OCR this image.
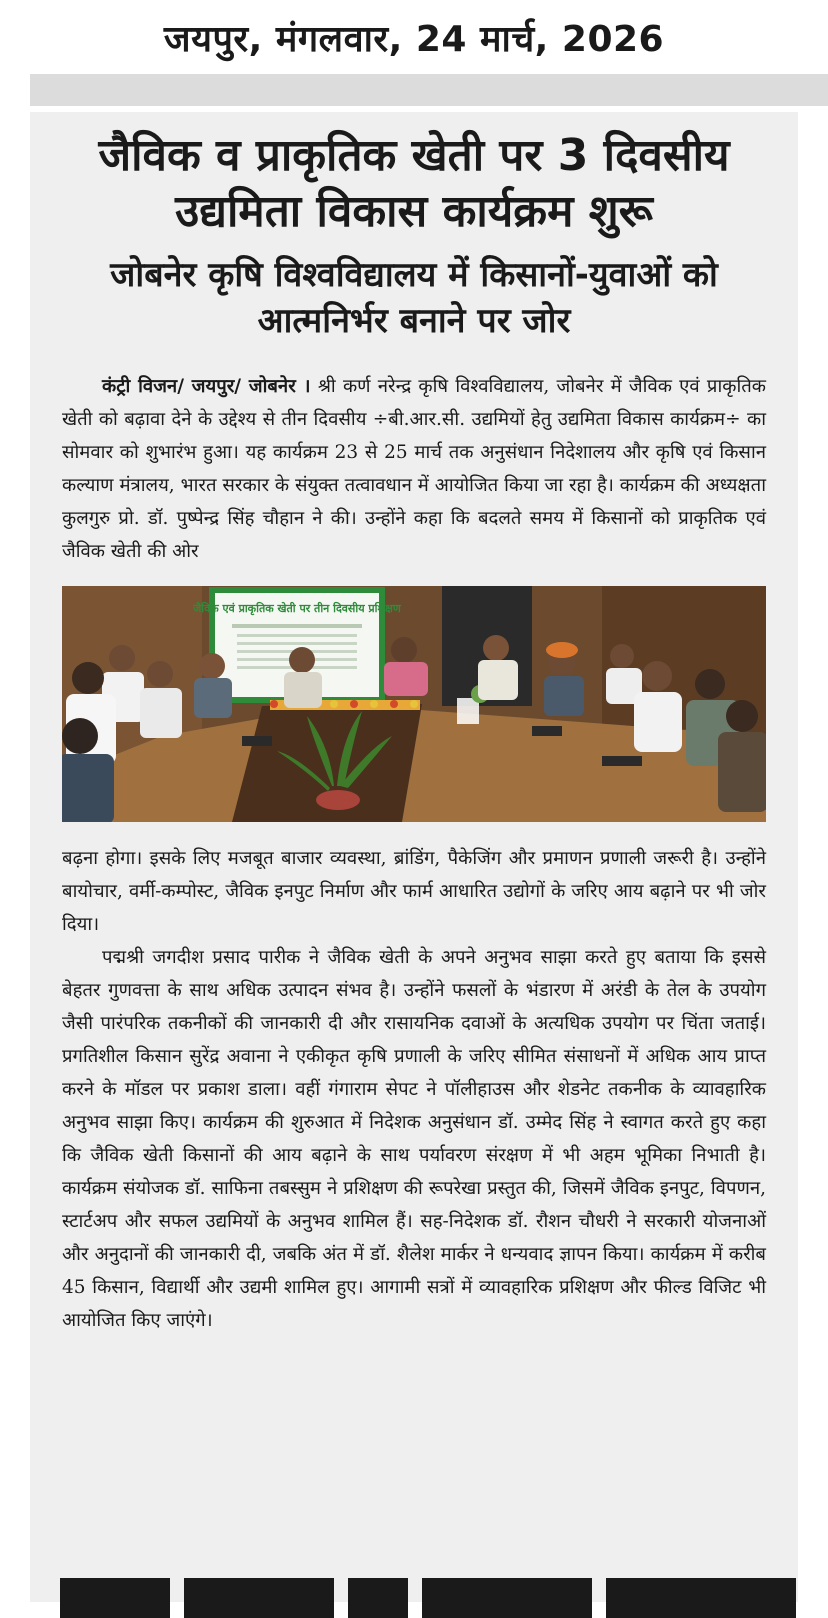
जयपुर, मंगलवार, 24 मार्च, 2026
जैविक व प्राकृतिक खेती पर 3 दिवसीय उद्यमिता विकास कार्यक्रम शुरू
जोबनेर कृषि विश्वविद्यालय में किसानों-युवाओं को आत्मनिर्भर बनाने पर जोर

कंट्री विजन/ जयपुर/ जोबनेर । श्री कर्ण नरेन्द्र कृषि विश्वविद्यालय, जोबनेर में जैविक एवं प्राकृतिक खेती को बढ़ावा देने के उद्देश्य से तीन दिवसीय ÷बी.आर.सी. उद्यमियों हेतु उद्यमिता विकास कार्यक्रम÷ का सोमवार को शुभारंभ हुआ। यह कार्यक्रम 23 से 25 मार्च तक अनुसंधान निदेशालय और कृषि एवं किसान कल्याण मंत्रालय, भारत सरकार के संयुक्त तत्वावधान में आयोजित किया जा रहा है। कार्यक्रम की अध्यक्षता कुलगुरु प्रो. डॉ. पुष्पेन्द्र सिंह चौहान ने की। उन्होंने कहा कि बदलते समय में किसानों को प्राकृतिक एवं जैविक खेती की ओर

जैविक एवं प्राकृतिक खेती पर तीन दिवसीय प्रशिक्षण

बढ़ना होगा। इसके लिए मजबूत बाजार व्यवस्था, ब्रांडिंग, पैकेजिंग और प्रमाणन प्रणाली जरूरी है। उन्होंने बायोचार, वर्मी-कम्पोस्ट, जैविक इनपुट निर्माण और फार्म आधारित उद्योगों के जरिए आय बढ़ाने पर भी जोर दिया।

पद्मश्री जगदीश प्रसाद पारीक ने जैविक खेती के अपने अनुभव साझा करते हुए बताया कि इससे बेहतर गुणवत्ता के साथ अधिक उत्पादन संभव है। उन्होंने फसलों के भंडारण में अरंडी के तेल के उपयोग जैसी पारंपरिक तकनीकों की जानकारी दी और रासायनिक दवाओं के अत्यधिक उपयोग पर चिंता जताई। प्रगतिशील किसान सुरेंद्र अवाना ने एकीकृत कृषि प्रणाली के जरिए सीमित संसाधनों में अधिक आय प्राप्त करने के मॉडल पर प्रकाश डाला। वहीं गंगाराम सेपट ने पॉलीहाउस और शेडनेट तकनीक के व्यावहारिक अनुभव साझा किए। कार्यक्रम की शुरुआत में निदेशक अनुसंधान डॉ. उम्मेद सिंह ने स्वागत करते हुए कहा कि जैविक खेती किसानों की आय बढ़ाने के साथ पर्यावरण संरक्षण में भी अहम भूमिका निभाती है। कार्यक्रम संयोजक डॉ. साफिना तबस्सुम ने प्रशिक्षण की रूपरेखा प्रस्तुत की, जिसमें जैविक इनपुट, विपणन, स्टार्टअप और सफल उद्यमियों के अनुभव शामिल हैं। सह-निदेशक डॉ. रौशन चौधरी ने सरकारी योजनाओं और अनुदानों की जानकारी दी, जबकि अंत में डॉ. शैलेश मार्कर ने धन्यवाद ज्ञापन किया। कार्यक्रम में करीब 45 किसान, विद्यार्थी और उद्यमी शामिल हुए। आगामी सत्रों में व्यावहारिक प्रशिक्षण और फील्ड विजिट भी आयोजित किए जाएंगे।
